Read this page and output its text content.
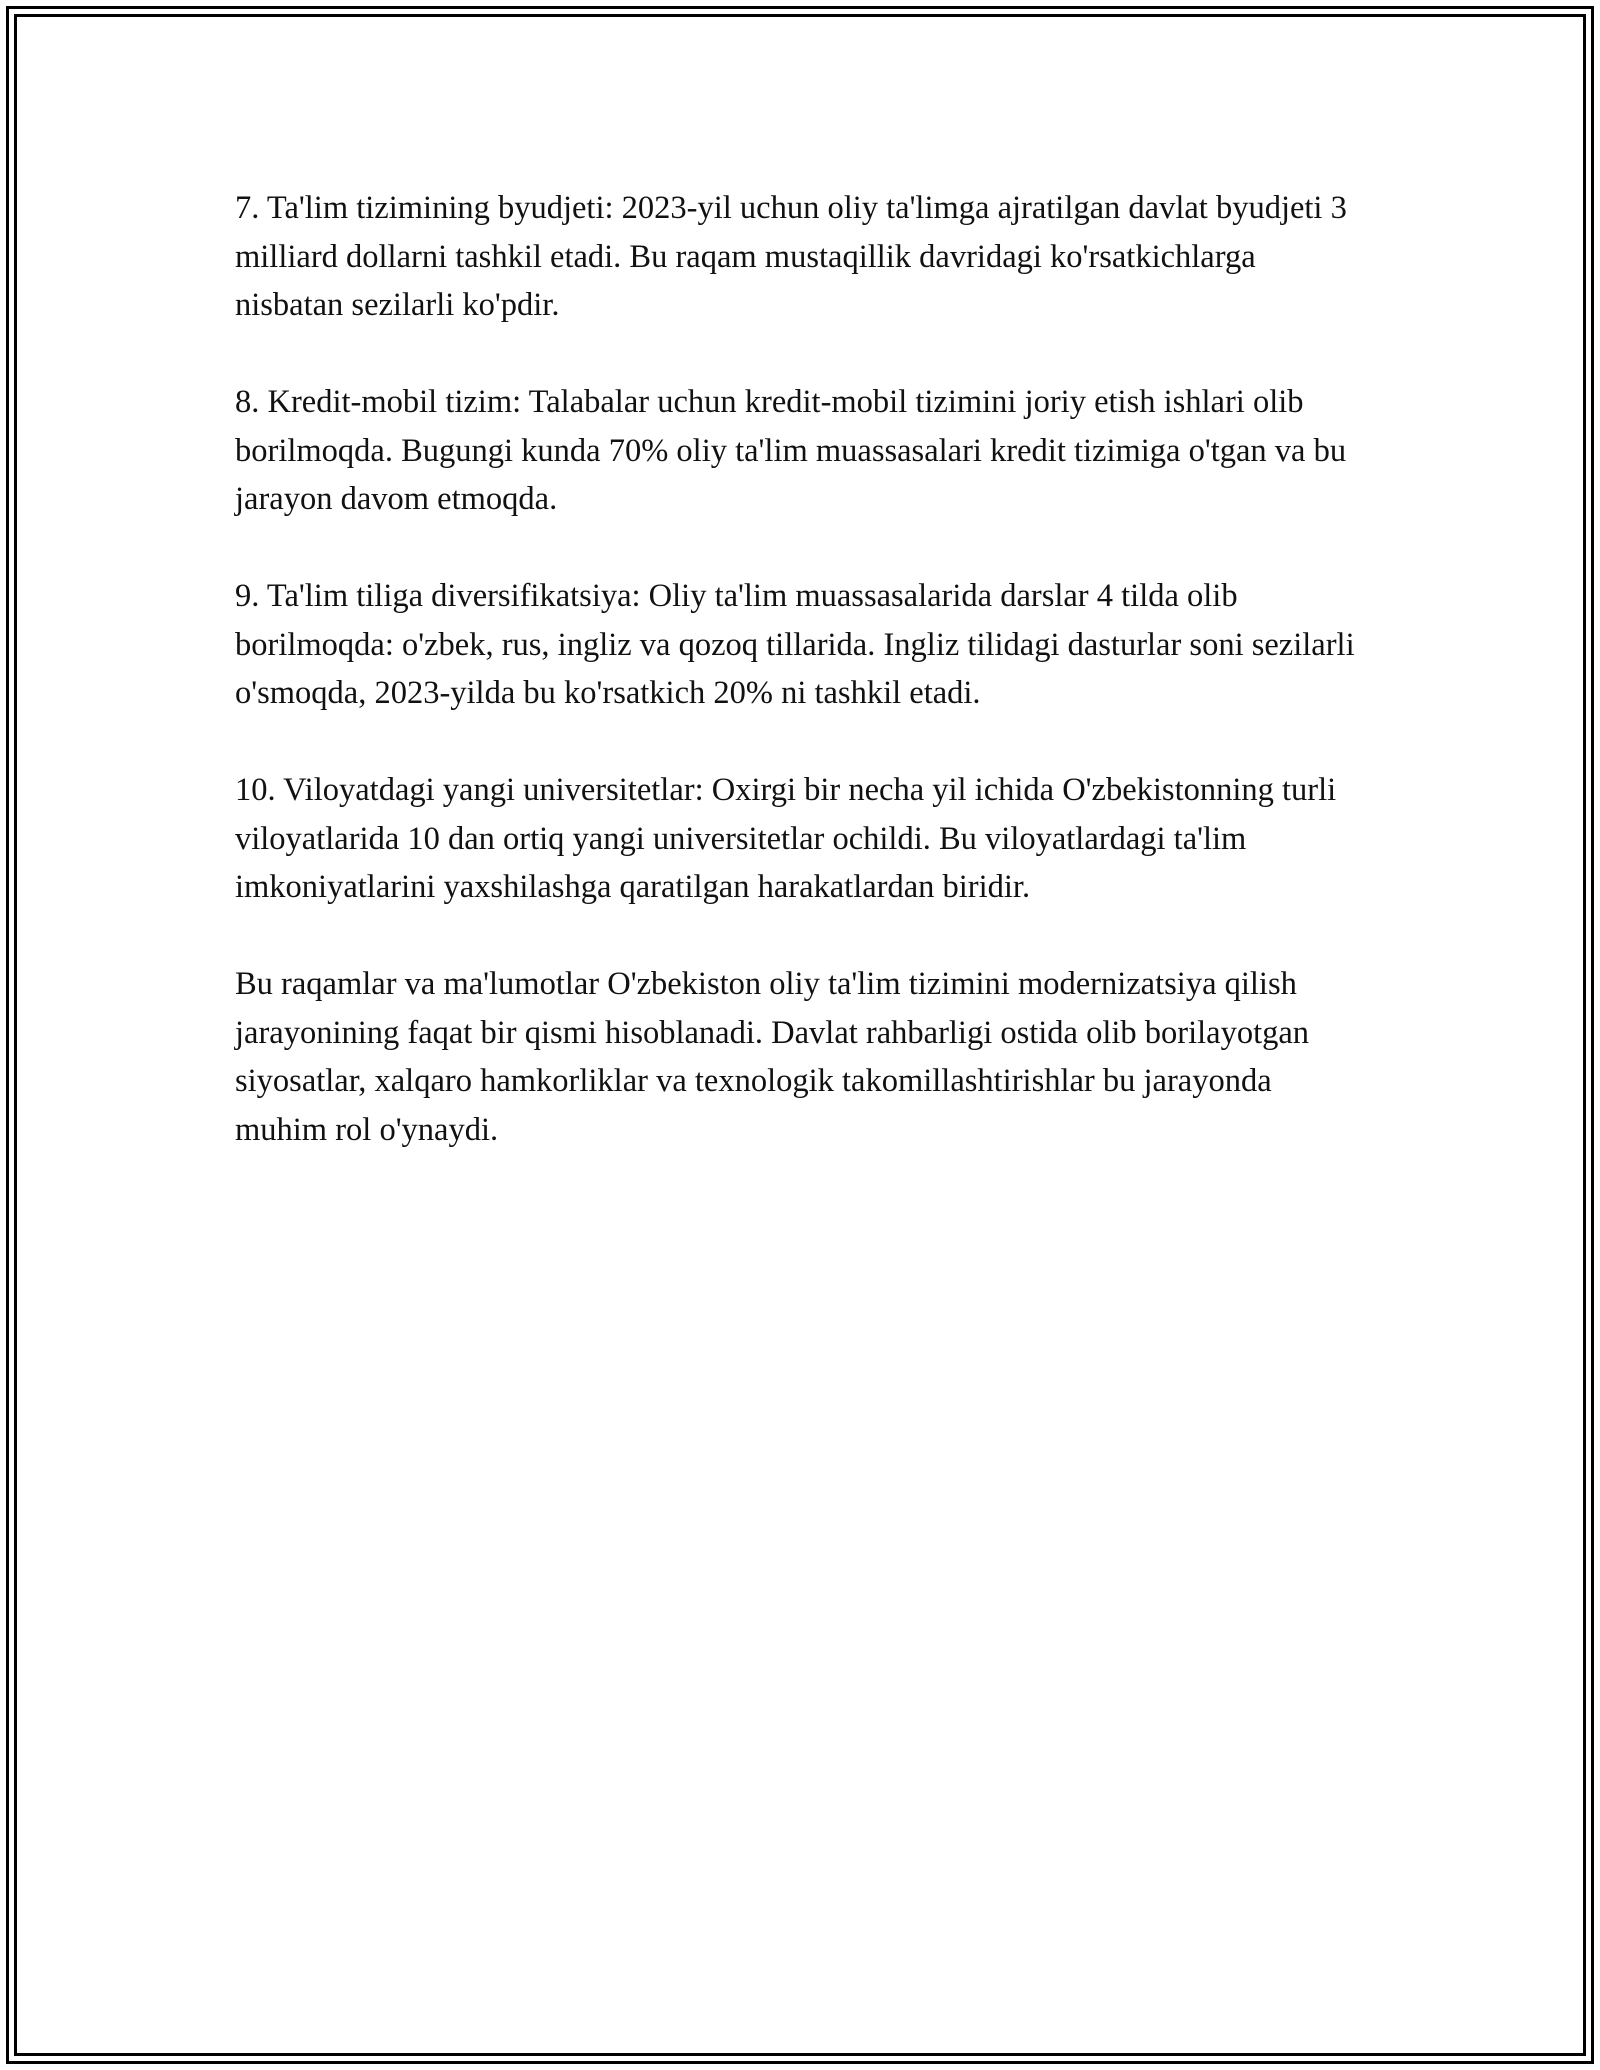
7. Ta'lim tizimining byudjeti: 2023-yil uchun oliy ta'limga ajratilgan davlat byudjeti 3 milliard dollarni tashkil etadi. Bu raqam mustaqillik davridagi ko'rsatkichlarga nisbatan sezilarli ko'pdir.

8. Kredit-mobil tizim: Talabalar uchun kredit-mobil tizimini joriy etish ishlari olib borilmoqda. Bugungi kunda 70% oliy ta'lim muassasalari kredit tizimiga o'tgan va bu jarayon davom etmoqda.

9. Ta'lim tiliga diversifikatsiya: Oliy ta'lim muassasalarida darslar 4 tilda olib borilmoqda: o'zbek, rus, ingliz va qozoq tillarida. Ingliz tilidagi dasturlar soni sezilarli o'smoqda, 2023-yilda bu ko'rsatkich 20% ni tashkil etadi.

10. Viloyatdagi yangi universitetlar: Oxirgi bir necha yil ichida O'zbekistonning turli viloyatlarida 10 dan ortiq yangi universitetlar ochildi. Bu viloyatlardagi ta'lim imkoniyatlarini yaxshilashga qaratilgan harakatlardan biridir.

Bu raqamlar va ma'lumotlar O'zbekiston oliy ta'lim tizimini modernizatsiya qilish jarayonining faqat bir qismi hisoblanadi. Davlat rahbarligi ostida olib borilayotgan siyosatlar, xalqaro hamkorliklar va texnologik takomillashtirishlar bu jarayonda muhim rol o'ynaydi.
